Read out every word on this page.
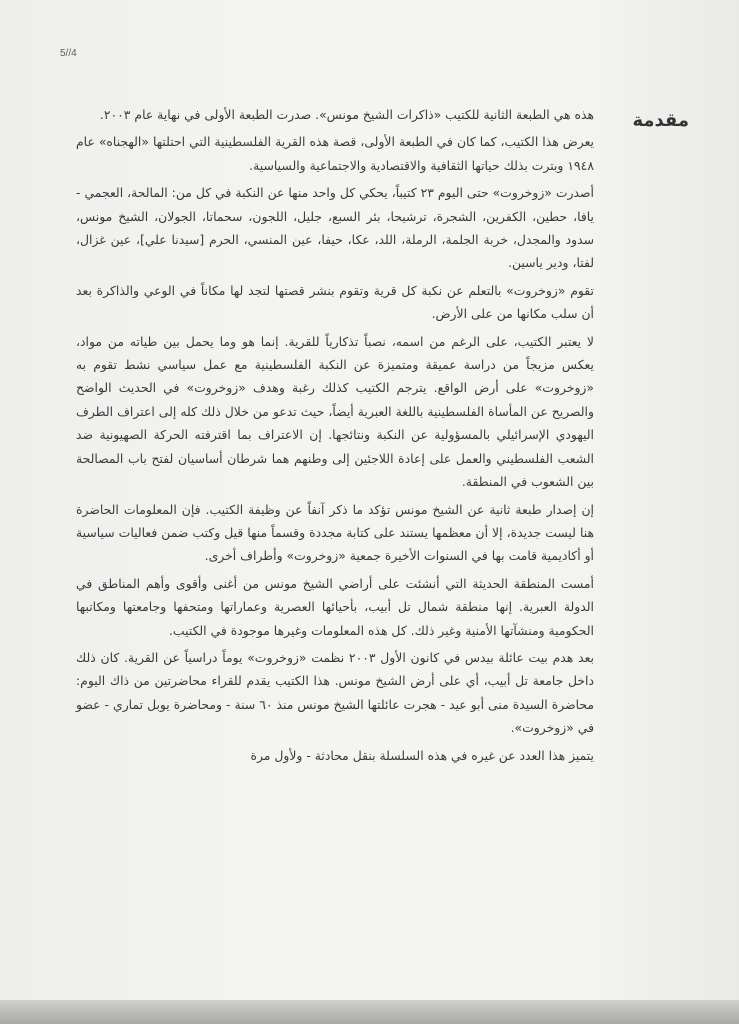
5//4
مقدمة

هذه هي الطبعة الثانية للكتيب «ذاكرات الشيخ مونس». صدرت الطبعة الأولى في نهاية عام ٢٠٠٣.

يعرض هذا الكتيب، كما كان في الطبعة الأولى، قصة هذه القرية الفلسطينية التي احتلتها «الهجناه» عام ١٩٤٨ وبترت بذلك حياتها الثقافية والاقتصادية والاجتماعية والسياسية.

أصدرت «زوخروت» حتى اليوم ٢٣ كتيباً، يحكي كل واحد منها عن النكبة في كل من: المالحة، العجمي - يافا، حطين، الكفرين، الشجرة، ترشيحا، بئر السبع، جليل، اللجون، سحماتا، الجولان، الشيخ مونس، سدود والمجدل، خربة الجلمة، الرملة، اللد، عكا، حيفا، عين المنسي، الحرم [سيدنا علي]، عين غزال، لفتا، ودير ياسين.

تقوم «زوخروت» بالتعلم عن نكبة كل قرية وتقوم بنشر قصتها لتجد لها مكاناً في الوعي والذاكرة بعد أن سلب مكانها من على الأرض.

لا يعتبر الكتيب، على الرغم من اسمه، نصباً تذكارياً للقرية. إنما هو وما يحمل بين طياته من مواد، يعكس مزيجاً من دراسة عميقة ومتميزة عن النكبة الفلسطينية مع عمل سياسي نشط تقوم به «زوخروت» على أرض الواقع. يترجم الكتيب كذلك رغبة وهدف «زوخروت» في الحديث الواضح والصريح عن المأساة الفلسطينية باللغة العبرية أيضاً، حيث تدعو من خلال ذلك كله إلى اعتراف الطرف اليهودي الإسرائيلي بالمسؤولية عن النكبة ونتائجها. إن الاعتراف بما اقترفته الحركة الصهيونية ضد الشعب الفلسطيني والعمل على إعادة اللاجئين إلى وطنهم هما شرطان أساسيان لفتح باب المصالحة بين الشعوب في المنطقة.

إن إصدار طبعة ثانية عن الشيخ مونس تؤكد ما ذكر آنفاً عن وظيفة الكتيب. فإن المعلومات الحاضرة هنا ليست جديدة، إلا أن معظمها يستند على كتابة مجددة وقسماً منها قيل وكتب ضمن فعاليات سياسية أو أكاديمية قامت بها في السنوات الأخيرة جمعية «زوخروت» وأطراف أخرى.

أمست المنطقة الحديثة التي أنشئت على أراضي الشيخ مونس من أغنى وأقوى وأهم المناطق في الدولة العبرية. إنها منطقة شمال تل أبيب، بأحيائها العصرية وعماراتها ومتحفها وجامعتها ومكاتبها الحكومية ومنشآتها الأمنية وغير ذلك. كل هذه المعلومات وغيرها موجودة في الكتيب.

بعد هدم بيت عائلة بيدس في كانون الأول ٢٠٠٣ نظمت «زوخروت» يوماً دراسياً عن القرية. كان ذلك داخل جامعة تل أبيب، أي على أرض الشيخ مونس. هذا الكتيب يقدم للقراء محاضرتين من ذاك اليوم: محاضرة السيدة منى أبو عيد - هجرت عائلتها الشيخ مونس منذ ٦٠ سنة - ومحاضرة يوبل تماري - عضو في «زوخروت».

يتميز هذا العدد عن غيره في هذه السلسلة بنقل محادثة - ولأول مرة
